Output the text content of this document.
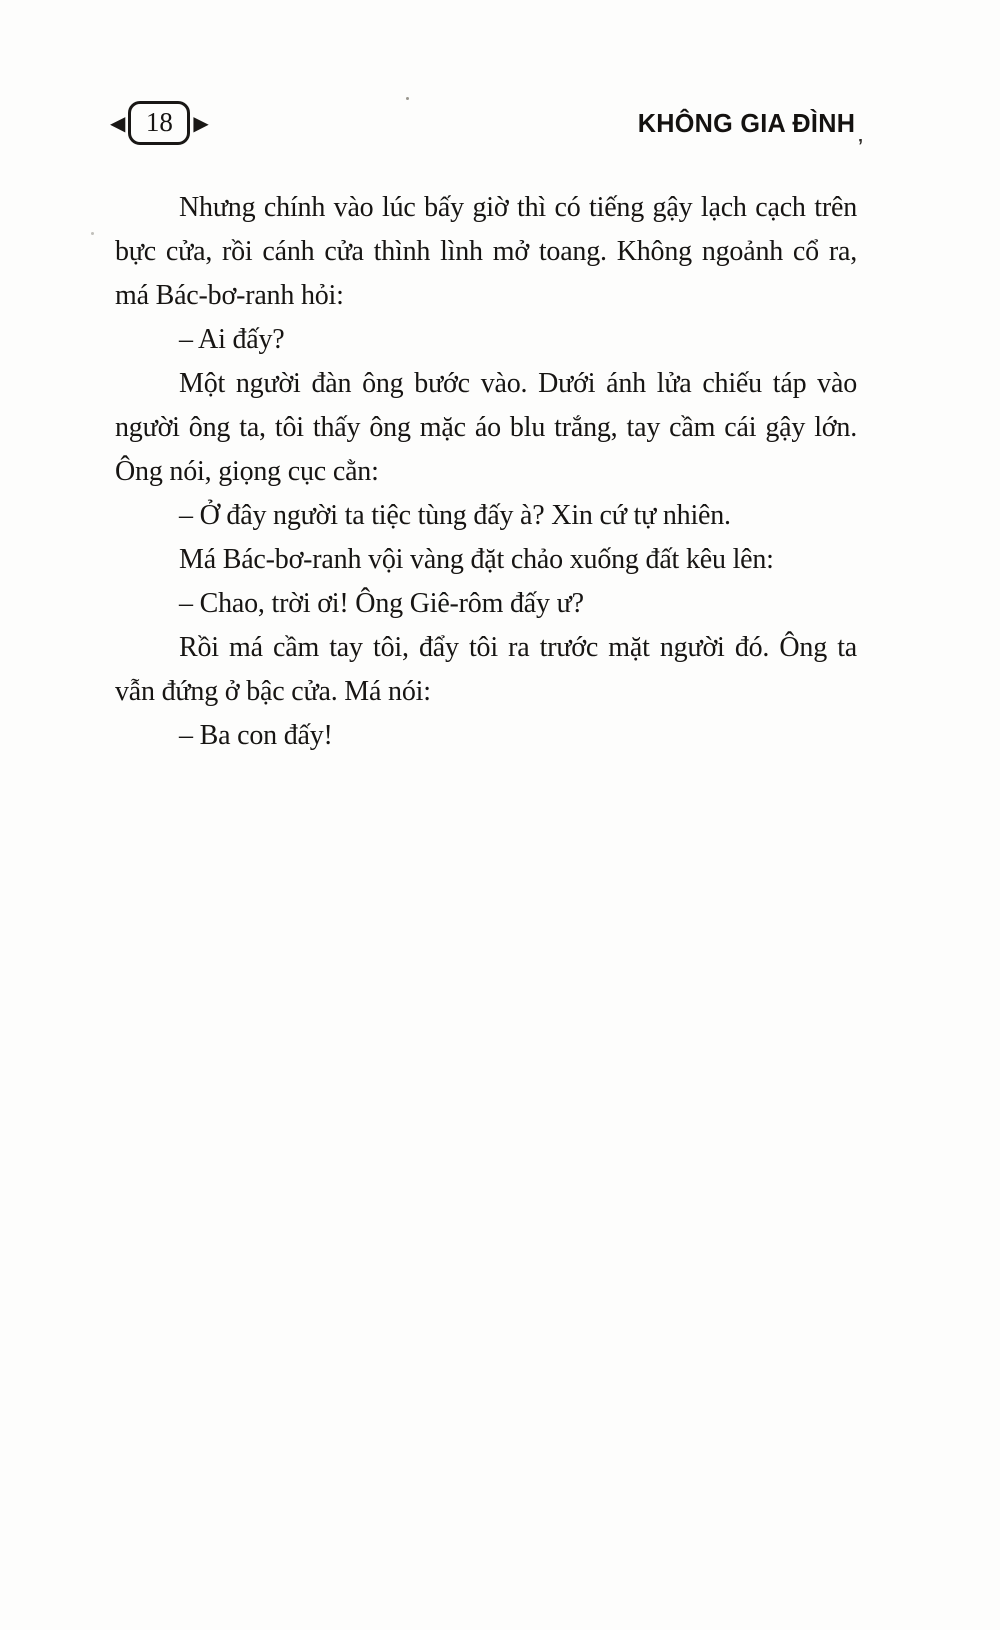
◀ 18	▶	KHÔNG GIA ĐÌNH
’

Nhưng chính vào lúc bấy giờ thì có tiếng gậy lạch cạch trên bực cửa, rồi cánh cửa thình lình mở toang. Không ngoảnh cổ ra, má Bác-bơ-ranh hỏi:

– Ai đấy?

Một người đàn ông bước vào. Dưới ánh lửa chiếu táp vào người ông ta, tôi thấy ông mặc áo blu trắng, tay cầm cái gậy lớn. Ông nói, giọng cục cằn:

– Ở đây người ta tiệc tùng đấy à? Xin cứ tự nhiên.

Má Bác-bơ-ranh vội vàng đặt chảo xuống đất kêu lên:

– Chao, trời ơi! Ông Giê-rôm đấy ư?

Rồi má cầm tay tôi, đẩy tôi ra trước mặt người đó. Ông ta vẫn đứng ở bậc cửa. Má nói:

– Ba con đấy!
